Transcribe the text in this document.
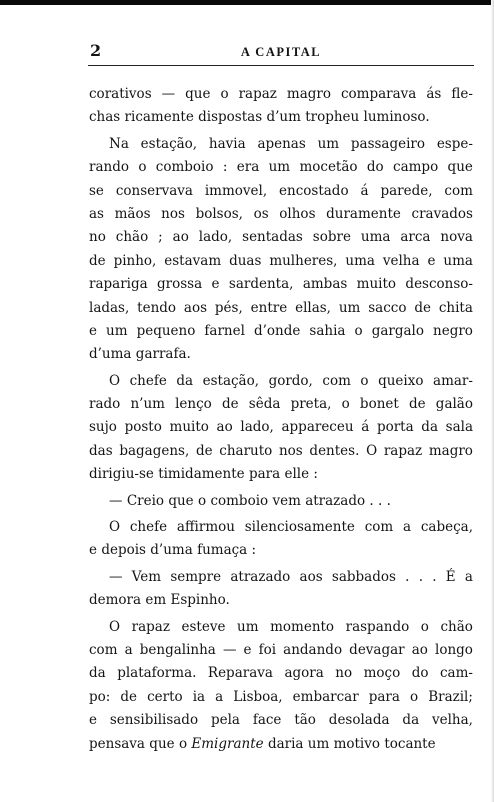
2	A CAPITAL
corativos — que o rapaz magro comparava ás fle-
chas ricamente dispostas d’um tropheu luminoso.
Na estação, havia apenas um passageiro espe-
rando o comboio : era um mocetão do campo que
se conservava immovel, encostado á parede, com
as mãos nos bolsos, os olhos duramente cravados
no chão ; ao lado, sentadas sobre uma arca nova
de pinho, estavam duas mulheres, uma velha e uma
rapariga grossa e sardenta, ambas muito desconso-
ladas, tendo aos pés, entre ellas, um sacco de chita
e um pequeno farnel d’onde sahia o gargalo negro
d’uma garrafa.
O chefe da estação, gordo, com o queixo amar-
rado n’um lenço de sêda preta, o bonet de galão
sujo posto muito ao lado, appareceu á porta da sala
das bagagens, de charuto nos dentes. O rapaz magro
dirigiu-se timidamente para elle :
— Creio que o comboio vem atrazado . . .
O chefe affirmou silenciosamente com a cabeça,
e depois d’uma fumaça :
— Vem sempre atrazado aos sabbados . . . É a
demora em Espinho.
O rapaz esteve um momento raspando o chão
com a bengalinha — e foi andando devagar ao longo
da plataforma. Reparava agora no moço do cam-
po: de certo ia a Lisboa, embarcar para o Brazil;
e sensibilisado pela face tão desolada da velha,
pensava que o Emigrante daria um motivo tocante
